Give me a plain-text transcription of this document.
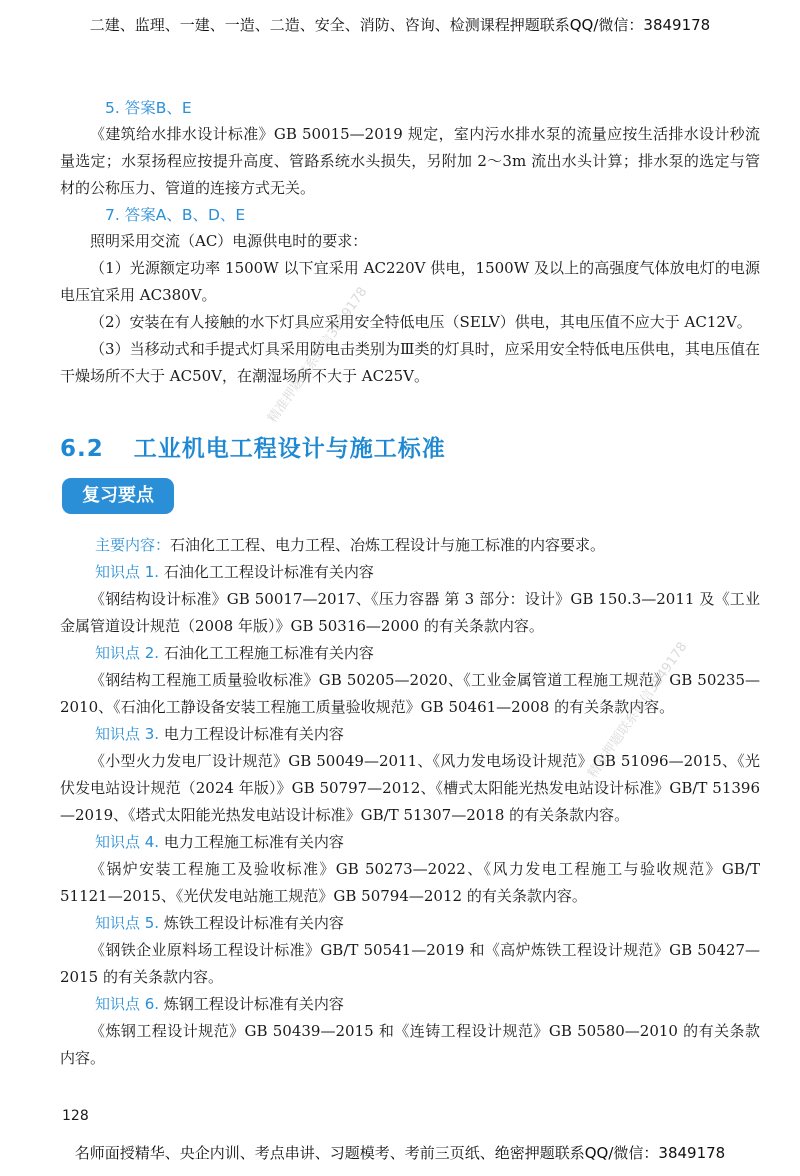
二建、监理、一建、一造、二造、安全、消防、咨询、检测课程押题联系QQ/微信：3849178
5. 答案B、E

《建筑给水排水设计标准》GB 50015—2019 规定，室内污水排水泵的流量应按生活排水设计秒流量选定；水泵扬程应按提升高度、管路系统水头损失，另附加 2～3m 流出水头计算；排水泵的选定与管材的公称压力、管道的连接方式无关。

7. 答案A、B、D、E

照明采用交流（AC）电源供电时的要求：

（1）光源额定功率 1500W 以下宜采用 AC220V 供电，1500W 及以上的高强度气体放电灯的电源电压宜采用 AC380V。

（2）安装在有人接触的水下灯具应采用安全特低电压（SELV）供电，其电压值不应大于 AC12V。

（3）当移动式和手提式灯具采用防电击类别为Ⅲ类的灯具时，应采用安全特低电压供电，其电压值在干燥场所不大于 AC50V，在潮湿场所不大于 AC25V。

6.2 工业机电工程设计与施工标准
复习要点

主要内容：石油化工工程、电力工程、冶炼工程设计与施工标准的内容要求。

知识点 1. 石油化工工程设计标准有关内容

《钢结构设计标准》GB 50017—2017、《压力容器 第 3 部分：设计》GB 150.3—2011 及《工业金属管道设计规范（2008 年版）》GB 50316—2000 的有关条款内容。

知识点 2. 石油化工工程施工标准有关内容

《钢结构工程施工质量验收标准》GB 50205—2020、《工业金属管道工程施工规范》GB 50235—2010、《石油化工静设备安装工程施工质量验收规范》GB 50461—2008 的有关条款内容。

知识点 3. 电力工程设计标准有关内容

《小型火力发电厂设计规范》GB 50049—2011、《风力发电场设计规范》GB 51096—2015、《光伏发电站设计规范（2024 年版）》GB 50797—2012、《槽式太阳能光热发电站设计标准》GB/T 51396—2019、《塔式太阳能光热发电站设计标准》GB/T 51307—2018 的有关条款内容。

知识点 4. 电力工程施工标准有关内容

《锅炉安装工程施工及验收标准》GB 50273—2022、《风力发电工程施工与验收规范》GB/T 51121—2015、《光伏发电站施工规范》GB 50794—2012 的有关条款内容。

知识点 5. 炼铁工程设计标准有关内容

《钢铁企业原料场工程设计标准》GB/T 50541—2019 和《高炉炼铁工程设计规范》GB 50427—2015 的有关条款内容。

知识点 6. 炼钢工程设计标准有关内容

《炼钢工程设计规范》GB 50439—2015 和《连铸工程设计规范》GB 50580—2010 的有关条款内容。

128
名师面授精华、央企内训、考点串讲、习题模考、考前三页纸、绝密押题联系QQ/微信：3849178
精准押题联系微信3849178
精准押题联系微信3849178
